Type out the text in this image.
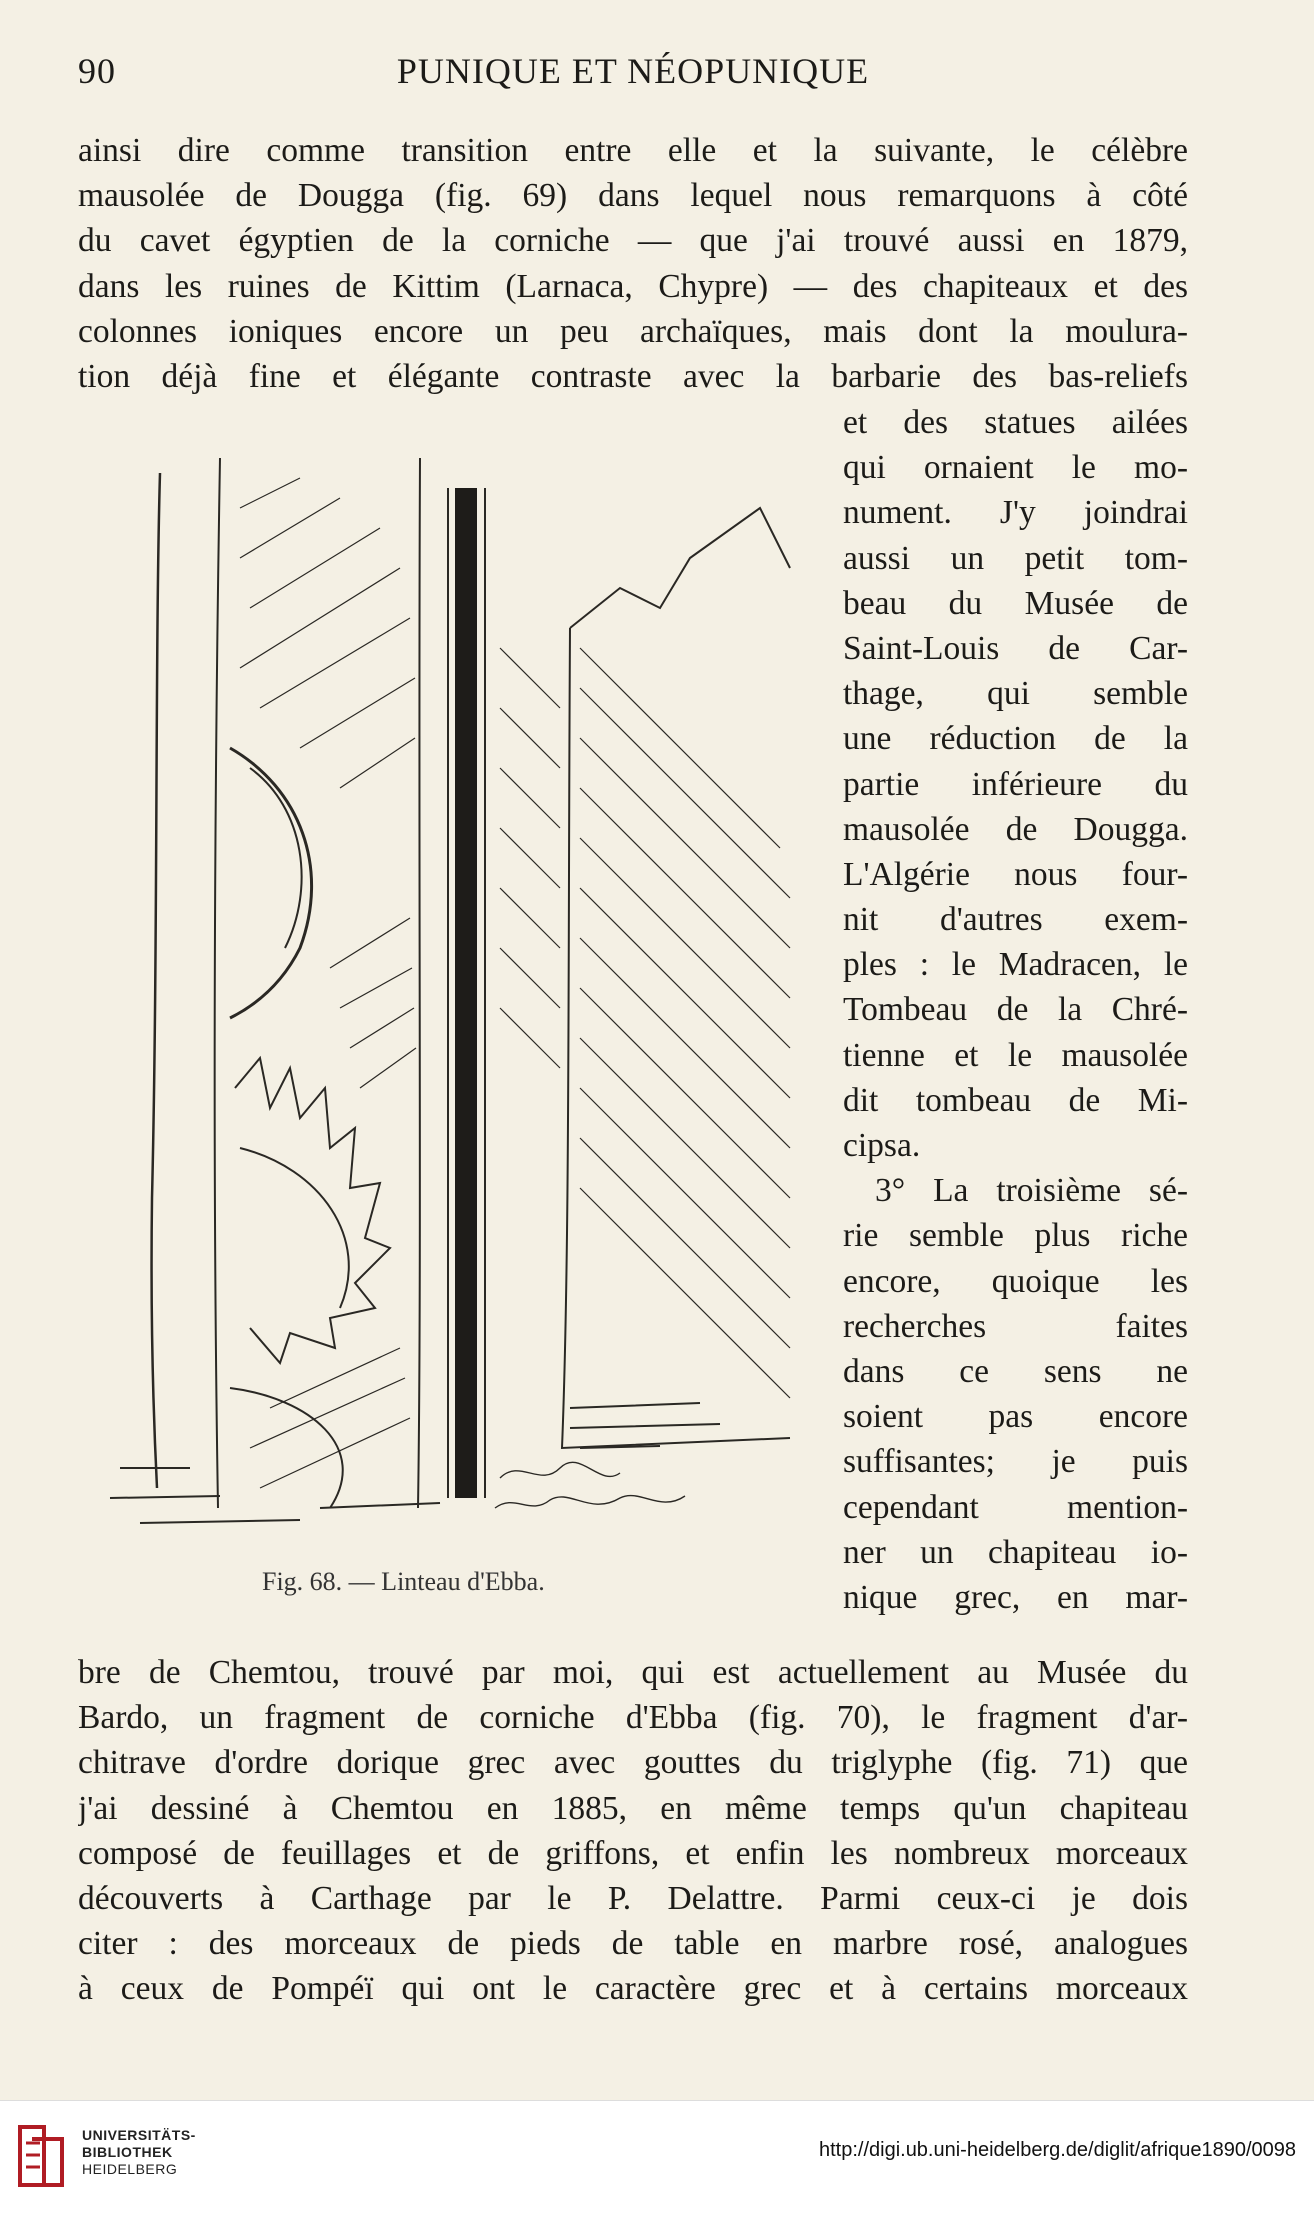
90	PUNIQUE ET NÉOPUNIQUE
ainsi dire comme transition entre elle et la suivante, le célèbre
mausolée de Dougga (fig. 69) dans lequel nous remarquons à côté
du cavet égyptien de la corniche — que j'ai trouvé aussi en 1879,
dans les ruines de Kittim (Larnaca, Chypre) — des chapiteaux et des
colonnes ioniques encore un peu archaïques, mais dont la moulura-
tion déjà fine et élégante contraste avec la barbarie des bas-reliefs
et des statues ailées
qui ornaient le mo-
nument. J'y joindrai
aussi un petit tom-
beau du Musée de
Saint-Louis de Car-
thage, qui semble
une réduction de la
partie inférieure du
mausolée de Dougga.
L'Algérie nous four-
nit d'autres exem-
ples : le Madracen, le
Tombeau de la Chré-
tienne et le mausolée
dit tombeau de Mi-
cipsa.
3° La troisième sé-
rie semble plus riche
encore, quoique les
recherches faites
dans ce sens ne
soient pas encore
suffisantes; je puis
cependant mention-
ner un chapiteau io-
nique grec, en mar-
Fig. 68. — Linteau d'Ebba.
bre de Chemtou, trouvé par moi, qui est actuellement au Musée du
Bardo, un fragment de corniche d'Ebba (fig. 70), le fragment d'ar-
chitrave d'ordre dorique grec avec gouttes du triglyphe (fig. 71) que
j'ai dessiné à Chemtou en 1885, en même temps qu'un chapiteau
composé de feuillages et de griffons, et enfin les nombreux morceaux
découverts à Carthage par le P. Delattre. Parmi ceux-ci je dois
citer : des morceaux de pieds de table en marbre rosé, analogues
à ceux de Pompéï qui ont le caractère grec et à certains morceaux
UNIVERSITÄTS-
BIBLIOTHEK
HEIDELBERG
http://digi.ub.uni-heidelberg.de/diglit/afrique1890/0098
